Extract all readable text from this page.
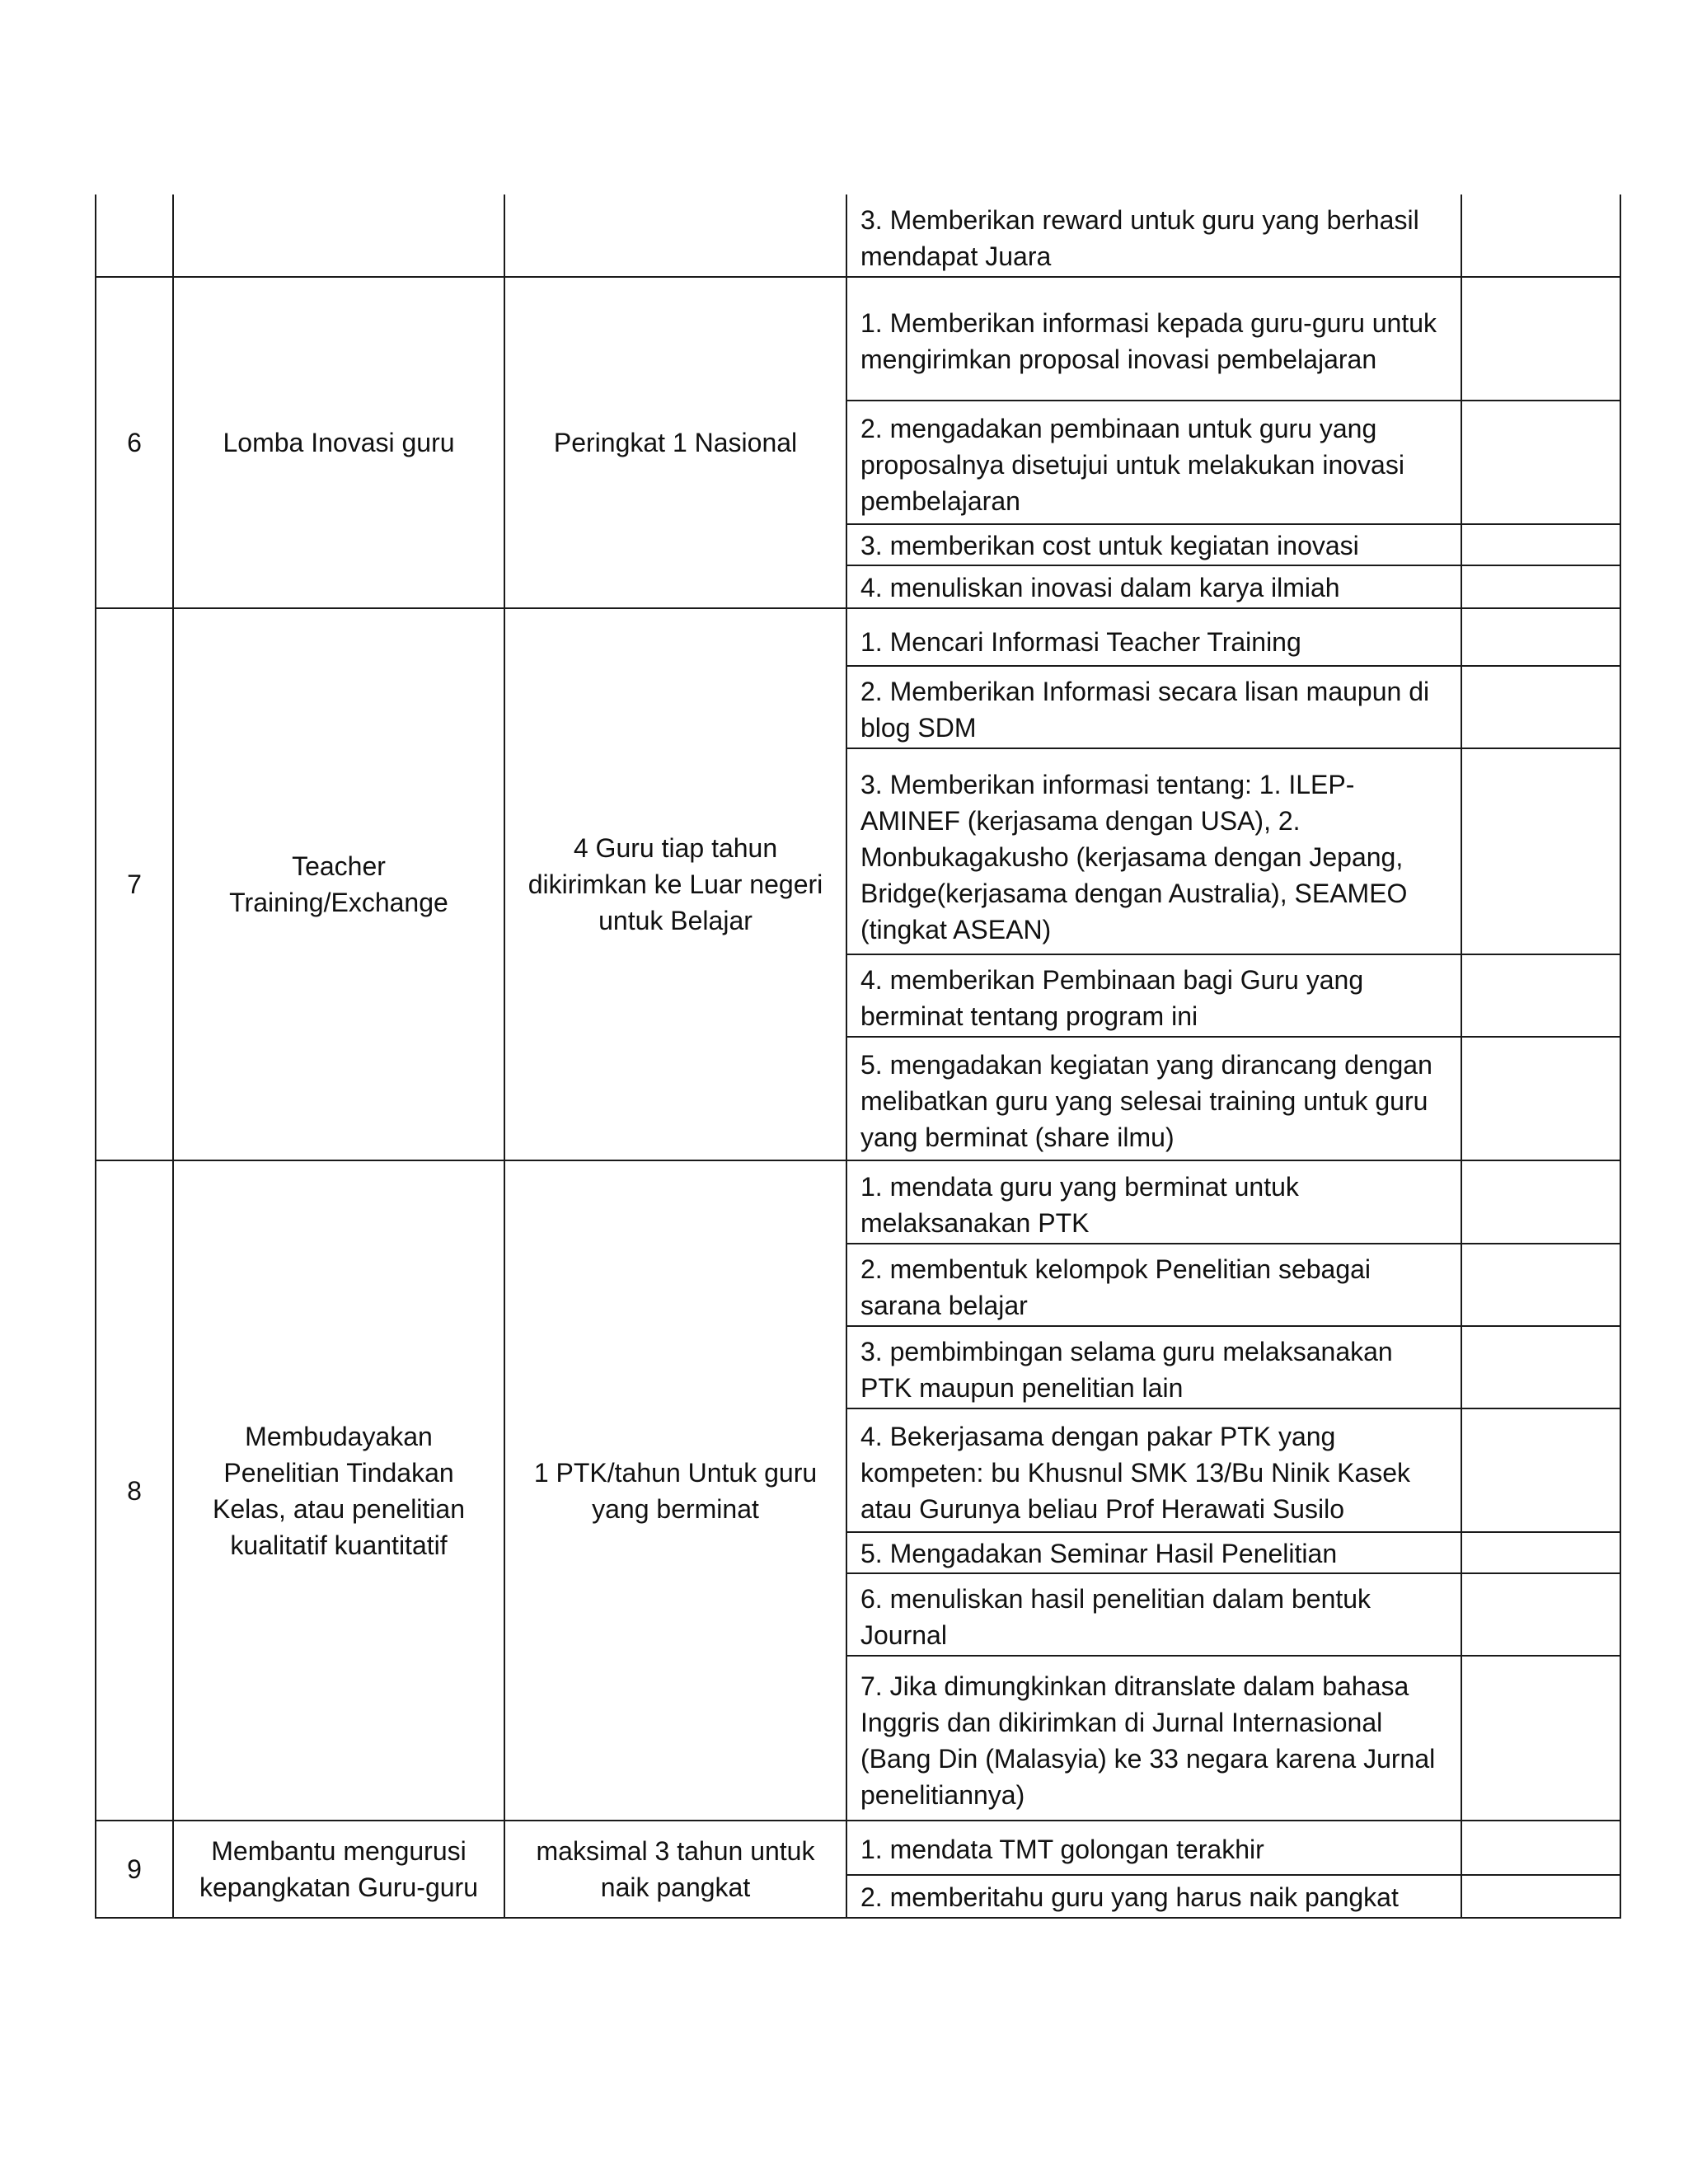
			3. Memberikan reward untuk guru yang berhasil mendapat Juara	

6	Lomba Inovasi guru	Peringkat 1 Nasional	1. Memberikan informasi kepada guru-guru untuk mengirimkan proposal inovasi pembelajaran	

			2. mengadakan pembinaan untuk guru yang proposalnya disetujui untuk melakukan inovasi pembelajaran	

			3. memberikan cost untuk kegiatan inovasi	

			4. menuliskan inovasi dalam karya ilmiah	

7	Teacher Training/Exchange	4 Guru tiap tahun dikirimkan ke Luar negeri untuk Belajar	1. Mencari Informasi Teacher Training	

			2. Memberikan Informasi secara lisan maupun di blog SDM	

			3. Memberikan informasi tentang: 1. ILEP-AMINEF (kerjasama dengan USA), 2. Monbukagakusho (kerjasama dengan Jepang, Bridge(kerjasama dengan Australia), SEAMEO (tingkat ASEAN)	

			4. memberikan Pembinaan bagi Guru yang berminat tentang program ini	

			5. mengadakan kegiatan yang dirancang dengan melibatkan guru yang selesai training untuk guru yang berminat (share ilmu)	

8	Membudayakan Penelitian Tindakan Kelas, atau penelitian kualitatif kuantitatif	1 PTK/tahun Untuk guru yang berminat	1. mendata guru yang berminat untuk melaksanakan PTK	

			2. membentuk kelompok Penelitian sebagai sarana belajar	

			3. pembimbingan selama guru melaksanakan PTK maupun penelitian lain	

			4. Bekerjasama dengan pakar PTK yang kompeten: bu Khusnul SMK 13/Bu Ninik Kasek atau Gurunya beliau Prof Herawati Susilo	

			5. Mengadakan Seminar Hasil Penelitian	

			6. menuliskan hasil penelitian dalam bentuk Journal	

			7. Jika dimungkinkan ditranslate dalam bahasa Inggris dan dikirimkan di Jurnal Internasional (Bang Din (Malasyia) ke 33 negara karena Jurnal penelitiannya)	

9	Membantu mengurusi kepangkatan Guru-guru	maksimal 3 tahun untuk naik pangkat	1. mendata TMT golongan terakhir	

			2. memberitahu guru yang harus naik pangkat	
